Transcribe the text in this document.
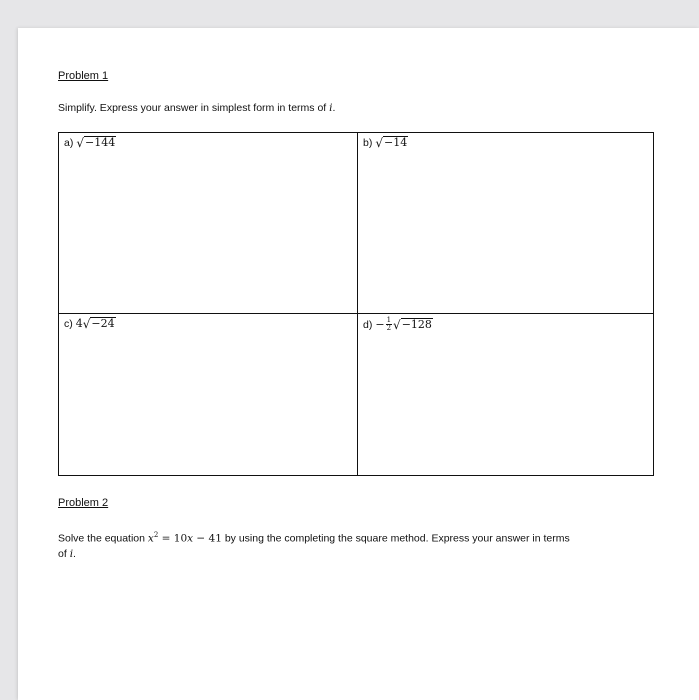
Problem 1
Simplify. Express your answer in simplest form in terms of i.
a) √ −144	b) √ −14
c) 4 √ −24	$d) - \frac{1}{2}$ √ −128
Problem 2
Solve the equation $x^2 = 10x - 41$ by using the completing the square method. Express your answer in terms
of i.
